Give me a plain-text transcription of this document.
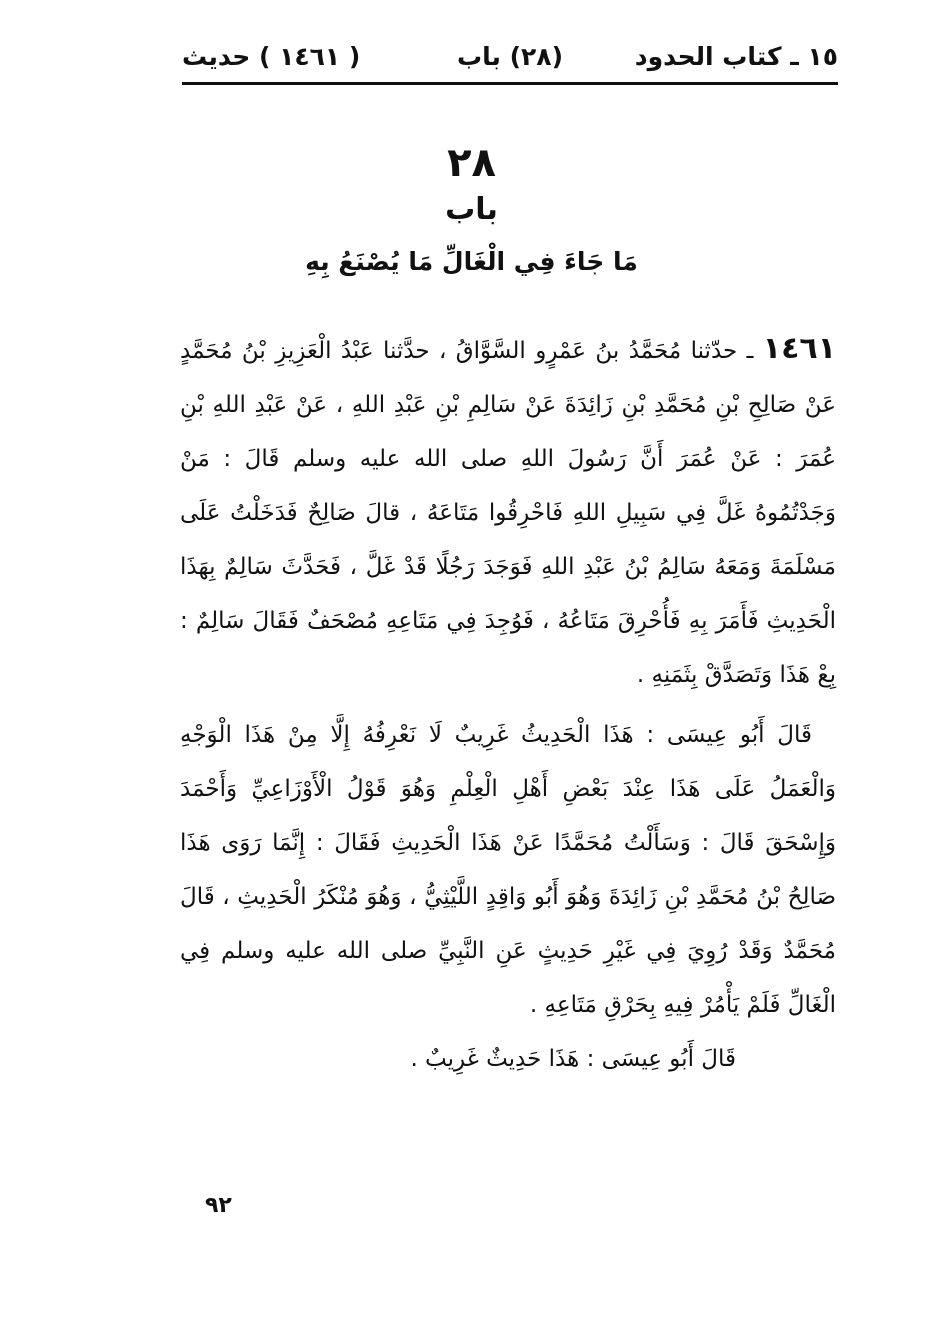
١٥ ـ كتاب الحدود
(٢٨) باب
( ١٤٦١ ) حديث
٢٨
باب
مَا جَاءَ فِي الْغَالِّ مَا يُصْنَعُ بِهِ

١٤٦١ ـ حدّثنا مُحَمَّدُ بنُ عَمْرٍو السَّوَّاقُ ، حدَّثنا عَبْدُ الْعَزِيزِ بْنُ مُحَمَّدٍ عَنْ صَالِحِ بْنِ مُحَمَّدِ بْنِ زَائِدَةَ عَنْ سَالِمِ بْنِ عَبْدِ اللهِ ، عَنْ عَبْدِ اللهِ بْنِ عُمَرَ : عَنْ عُمَرَ أَنَّ رَسُولَ اللهِ صلى الله عليه وسلم قَالَ : مَنْ وَجَدْتُمُوهُ غَلَّ فِي سَبِيلِ اللهِ فَاحْرِقُوا مَتَاعَهُ ، قالَ صَالِحٌ فَدَخَلْتُ عَلَى مَسْلَمَةَ وَمَعَهُ سَالِمُ بْنُ عَبْدِ اللهِ فَوَجَدَ رَجُلًا قَدْ غَلَّ ، فَحَدَّثَ سَالِمٌ بِهَذَا الْحَدِيثِ فَأَمَرَ بِهِ فَأُحْرِقَ مَتَاعُهُ ، فَوُجِدَ فِي مَتَاعِهِ مُصْحَفٌ فَقَالَ سَالِمٌ : بِعْ هَذَا وَتَصَدَّقْ بِثَمَنِهِ .

قَالَ أَبُو عِيسَى : هَذَا الْحَدِيثُ غَرِيبٌ لَا نَعْرِفُهُ إِلَّا مِنْ هَذَا الْوَجْهِ وَالْعَمَلُ عَلَى هَذَا عِنْدَ بَعْضِ أَهْلِ الْعِلْمِ وَهُوَ قَوْلُ الْأَوْزَاعِيِّ وَأَحْمَدَ وَإِسْحَقَ قَالَ : وَسَأَلْتُ مُحَمَّدًا عَنْ هَذَا الْحَدِيثِ فَقَالَ : إِنَّمَا رَوَى هَذَا صَالِحُ بْنُ مُحَمَّدِ بْنِ زَائِدَةَ وَهُوَ أَبُو وَاقِدٍ اللَّيْثِيُّ ، وَهُوَ مُنْكَرُ الْحَدِيثِ ، قَالَ مُحَمَّدٌ وَقَدْ رُوِيَ فِي غَيْرِ حَدِيثٍ عَنِ النَّبِيِّ صلى الله عليه وسلم فِي الْغَالِّ فَلَمْ يَأْمُرْ فِيهِ بِحَرْقِ مَتَاعِهِ .

قَالَ أَبُو عِيسَى : هَذَا حَدِيثٌ غَرِيبٌ .

٩٢
